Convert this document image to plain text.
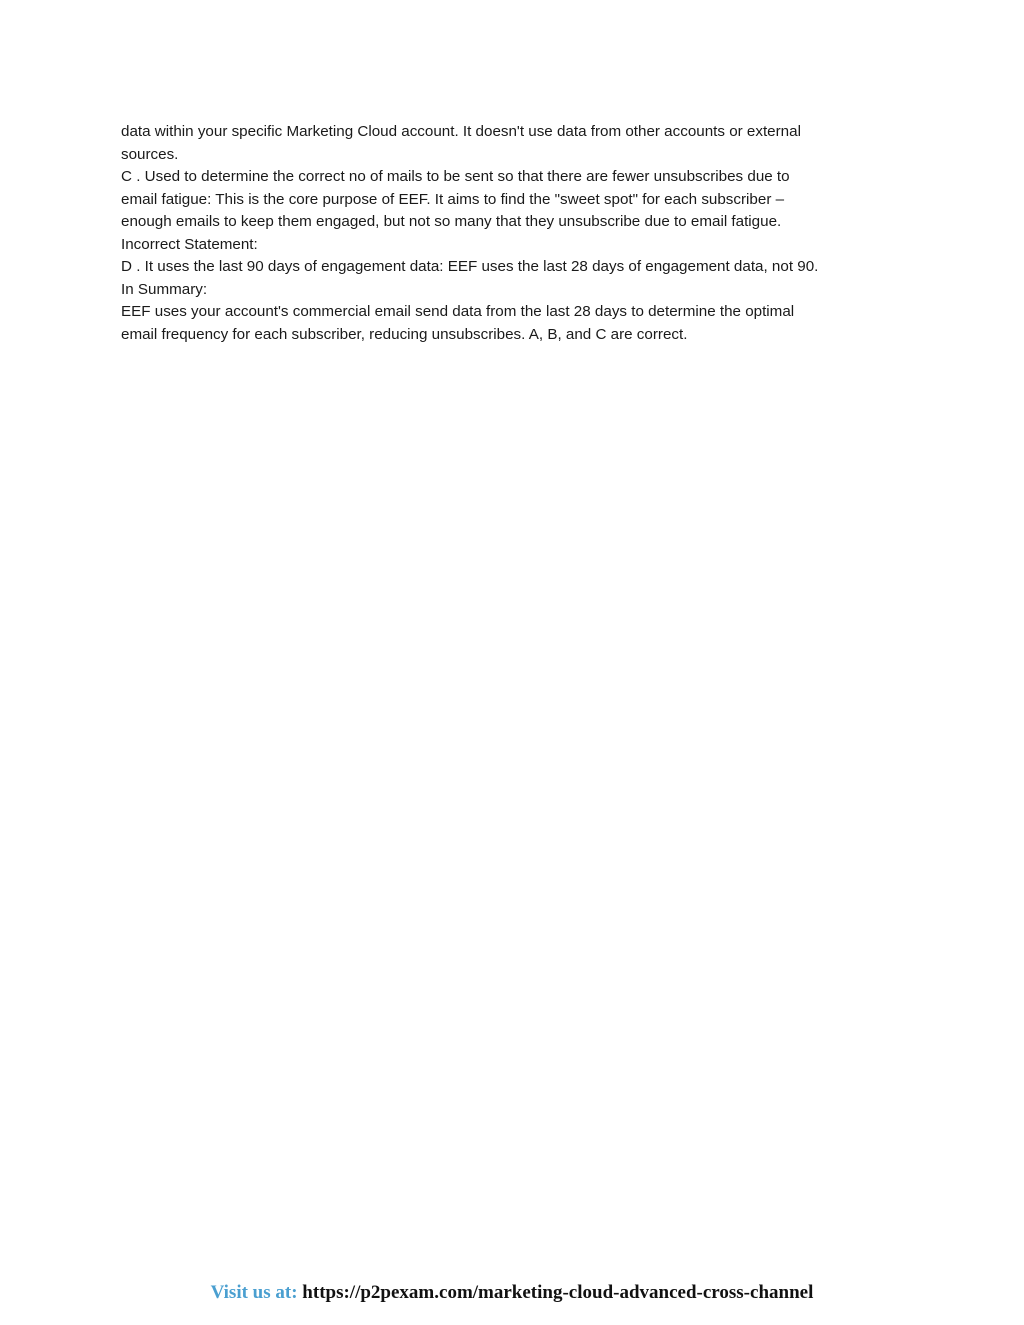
data within your specific Marketing Cloud account. It doesn't use data from other accounts or external

sources.

C . Used to determine the correct no of mails to be sent so that there are fewer unsubscribes due to

email fatigue: This is the core purpose of EEF. It aims to find the "sweet spot" for each subscriber –

enough emails to keep them engaged, but not so many that they unsubscribe due to email fatigue.

Incorrect Statement:

D . It uses the last 90 days of engagement data: EEF uses the last 28 days of engagement data, not 90.

In Summary:

EEF uses your account's commercial email send data from the last 28 days to determine the optimal

email frequency for each subscriber, reducing unsubscribes. A, B, and C are correct.

Visit us at: https://p2pexam.com/marketing-cloud-advanced-cross-channel
